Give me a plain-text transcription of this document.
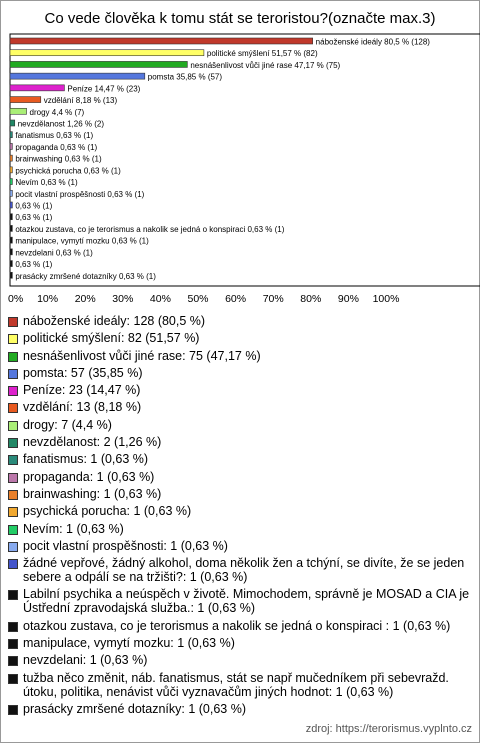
Co vede člověka k tomu stát se teroristou?(označte max.3)
0% 10% 20% 30% 40% 50% 60% 70% 80% 90% 100%
náboženské ideály 80,5 % (128)
politické smýšlení 51,57 % (82)
nesnášenlivost vůči jiné rase 47,17 % (75)
pomsta 35,85 % (57)
Peníze 14,47 % (23)
vzdělání 8,18 % (13)
drogy 4,4 % (7)
nevzdělanost 1,26 % (2)
fanatismus 0,63 % (1)
propaganda 0,63 % (1)
brainwashing 0,63 % (1)
psychická porucha 0,63 % (1)
Nevím 0,63 % (1)
pocit vlastní prospěšnosti 0,63 % (1)
0,63 % (1)
0,63 % (1)
otazkou zustava, co je terorismus a nakolik se jedná o konspiraci 0,63 % (1)
manipulace, vymytí mozku 0,63 % (1)
nevzdelani 0,63 % (1)
0,63 % (1)
prasácky zmršené dotazníky 0,63 % (1)
náboženské ideály: 128 (80,5 %)
politické smýšlení: 82 (51,57 %)
nesnášenlivost vůči jiné rase: 75 (47,17 %)
pomsta: 57 (35,85 %)
Peníze: 23 (14,47 %)
vzdělání: 13 (8,18 %)
drogy: 7 (4,4 %)
nevzdělanost: 2 (1,26 %)
fanatismus: 1 (0,63 %)
propaganda: 1 (0,63 %)
brainwashing: 1 (0,63 %)
psychická porucha: 1 (0,63 %)
Nevím: 1 (0,63 %)
pocit vlastní prospěšnosti: 1 (0,63 %)
žádné vepřové, žádný alkohol, doma několik žen a tchýní, se divíte, že se jeden sebere a odpálí se na tržišti?: 1 (0,63 %)
Labilní psychika a neúspěch v životě. Mimochodem, správně je MOSAD a CIA je Ústřední zpravodajská služba.: 1 (0,63 %)
otazkou zustava, co je terorismus a nakolik se jedná o konspiraci : 1 (0,63 %)
manipulace, vymytí mozku: 1 (0,63 %)
nevzdelani: 1 (0,63 %)
tužba něco změnit, náb. fanatismus, stát se např mučedníkem při sebevražd. útoku, politika, nenávist vůči vyznavačům jiných hodnot: 1 (0,63 %)
prasácky zmršené dotazníky: 1 (0,63 %)
zdroj: https://terorismus.vyplnto.cz
